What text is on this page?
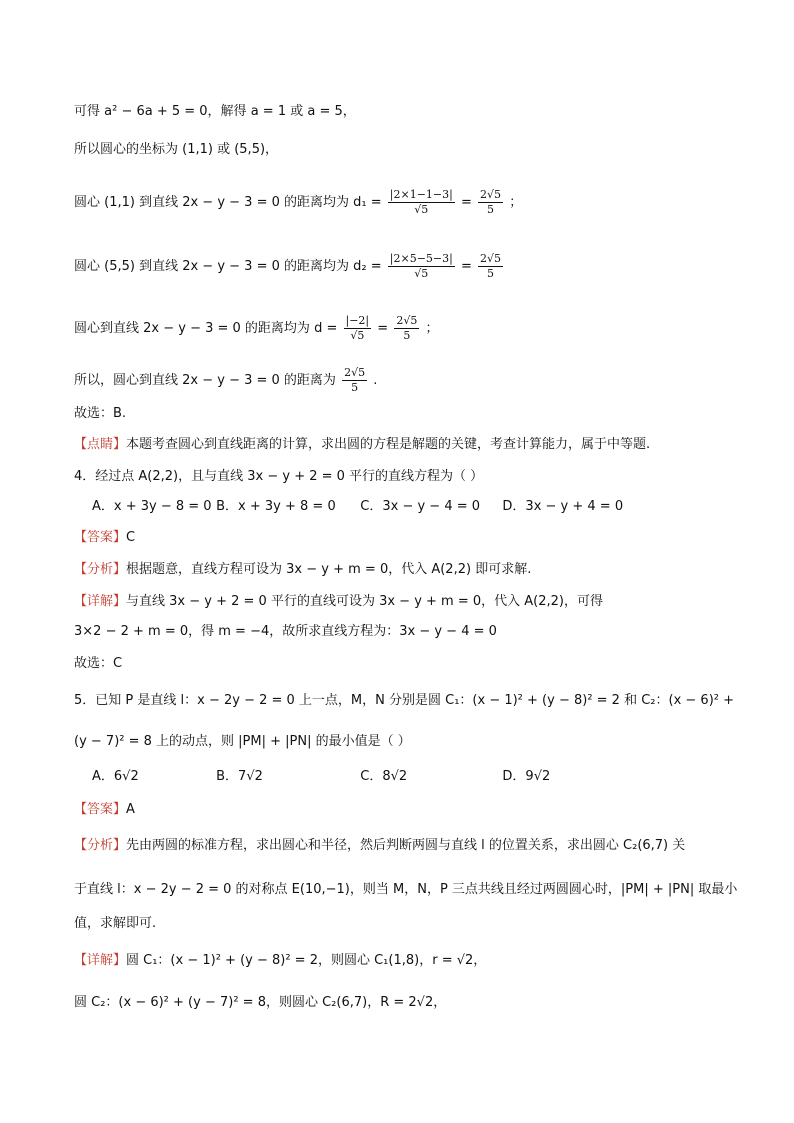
可得 a² − 6a + 5 = 0，解得 a = 1 或 a = 5，
所以圆心的坐标为 (1,1) 或 (5,5)，
圆心 (1,1) 到直线 2x − y − 3 = 0 的距离均为 $d_1 = \frac{|2\times 1-1-3|}{√5} = \frac{2√5}{5}$ ；
圆心 (5,5) 到直线 2x − y − 3 = 0 的距离均为 $d_2 = \frac{|2\times 5-5-3|}{√5} = \frac{2√5}{5}$
圆心到直线 2x − y − 3 = 0 的距离均为 $d = \frac{|-2|}{√5} = \frac{2√5}{5}$ ；
所以，圆心到直线 2x − y − 3 = 0 的距离为 $\frac{2√5}{5}$ .
故选：B.
【点睛】本题考查圆心到直线距离的计算，求出圆的方程是解题的关键，考查计算能力，属于中等题.
4．经过点 A(2,2)，且与直线 3x − y + 2 = 0 平行的直线方程为（ ）
A．x + 3y − 8 = 0 B．x + 3y + 8 = 0 C．3x − y − 4 = 0 D．3x − y + 4 = 0
【答案】C
【分析】根据题意，直线方程可设为 3x − y + m = 0，代入 A(2,2) 即可求解.
【详解】与直线 3x − y + 2 = 0 平行的直线可设为 3x − y + m = 0，代入 A(2,2)，可得
3×2 − 2 + m = 0，得 m = −4，故所求直线方程为：3x − y − 4 = 0
故选：C
5．已知 P 是直线 l：x − 2y − 2 = 0 上一点，M，N 分别是圆 C₁：(x − 1)² + (y − 8)² = 2 和 C₂：(x − 6)² +
(y − 7)² = 8 上的动点，则 |PM| + |PN| 的最小值是（ ）
A．6√2	B．7√2	C．8√2	D．9√2
【答案】A
【分析】先由两圆的标准方程，求出圆心和半径，然后判断两圆与直线 l 的位置关系，求出圆心 C₂(6,7) 关
于直线 l：x − 2y − 2 = 0 的对称点 E(10,−1)，则当 M，N，P 三点共线且经过两圆圆心时，|PM| + |PN| 取最小
值，求解即可.
【详解】圆 C₁：(x − 1)² + (y − 8)² = 2，则圆心 C₁(1,8)，r = √2，
圆 C₂：(x − 6)² + (y − 7)² = 8，则圆心 C₂(6,7)，R = 2√2，
